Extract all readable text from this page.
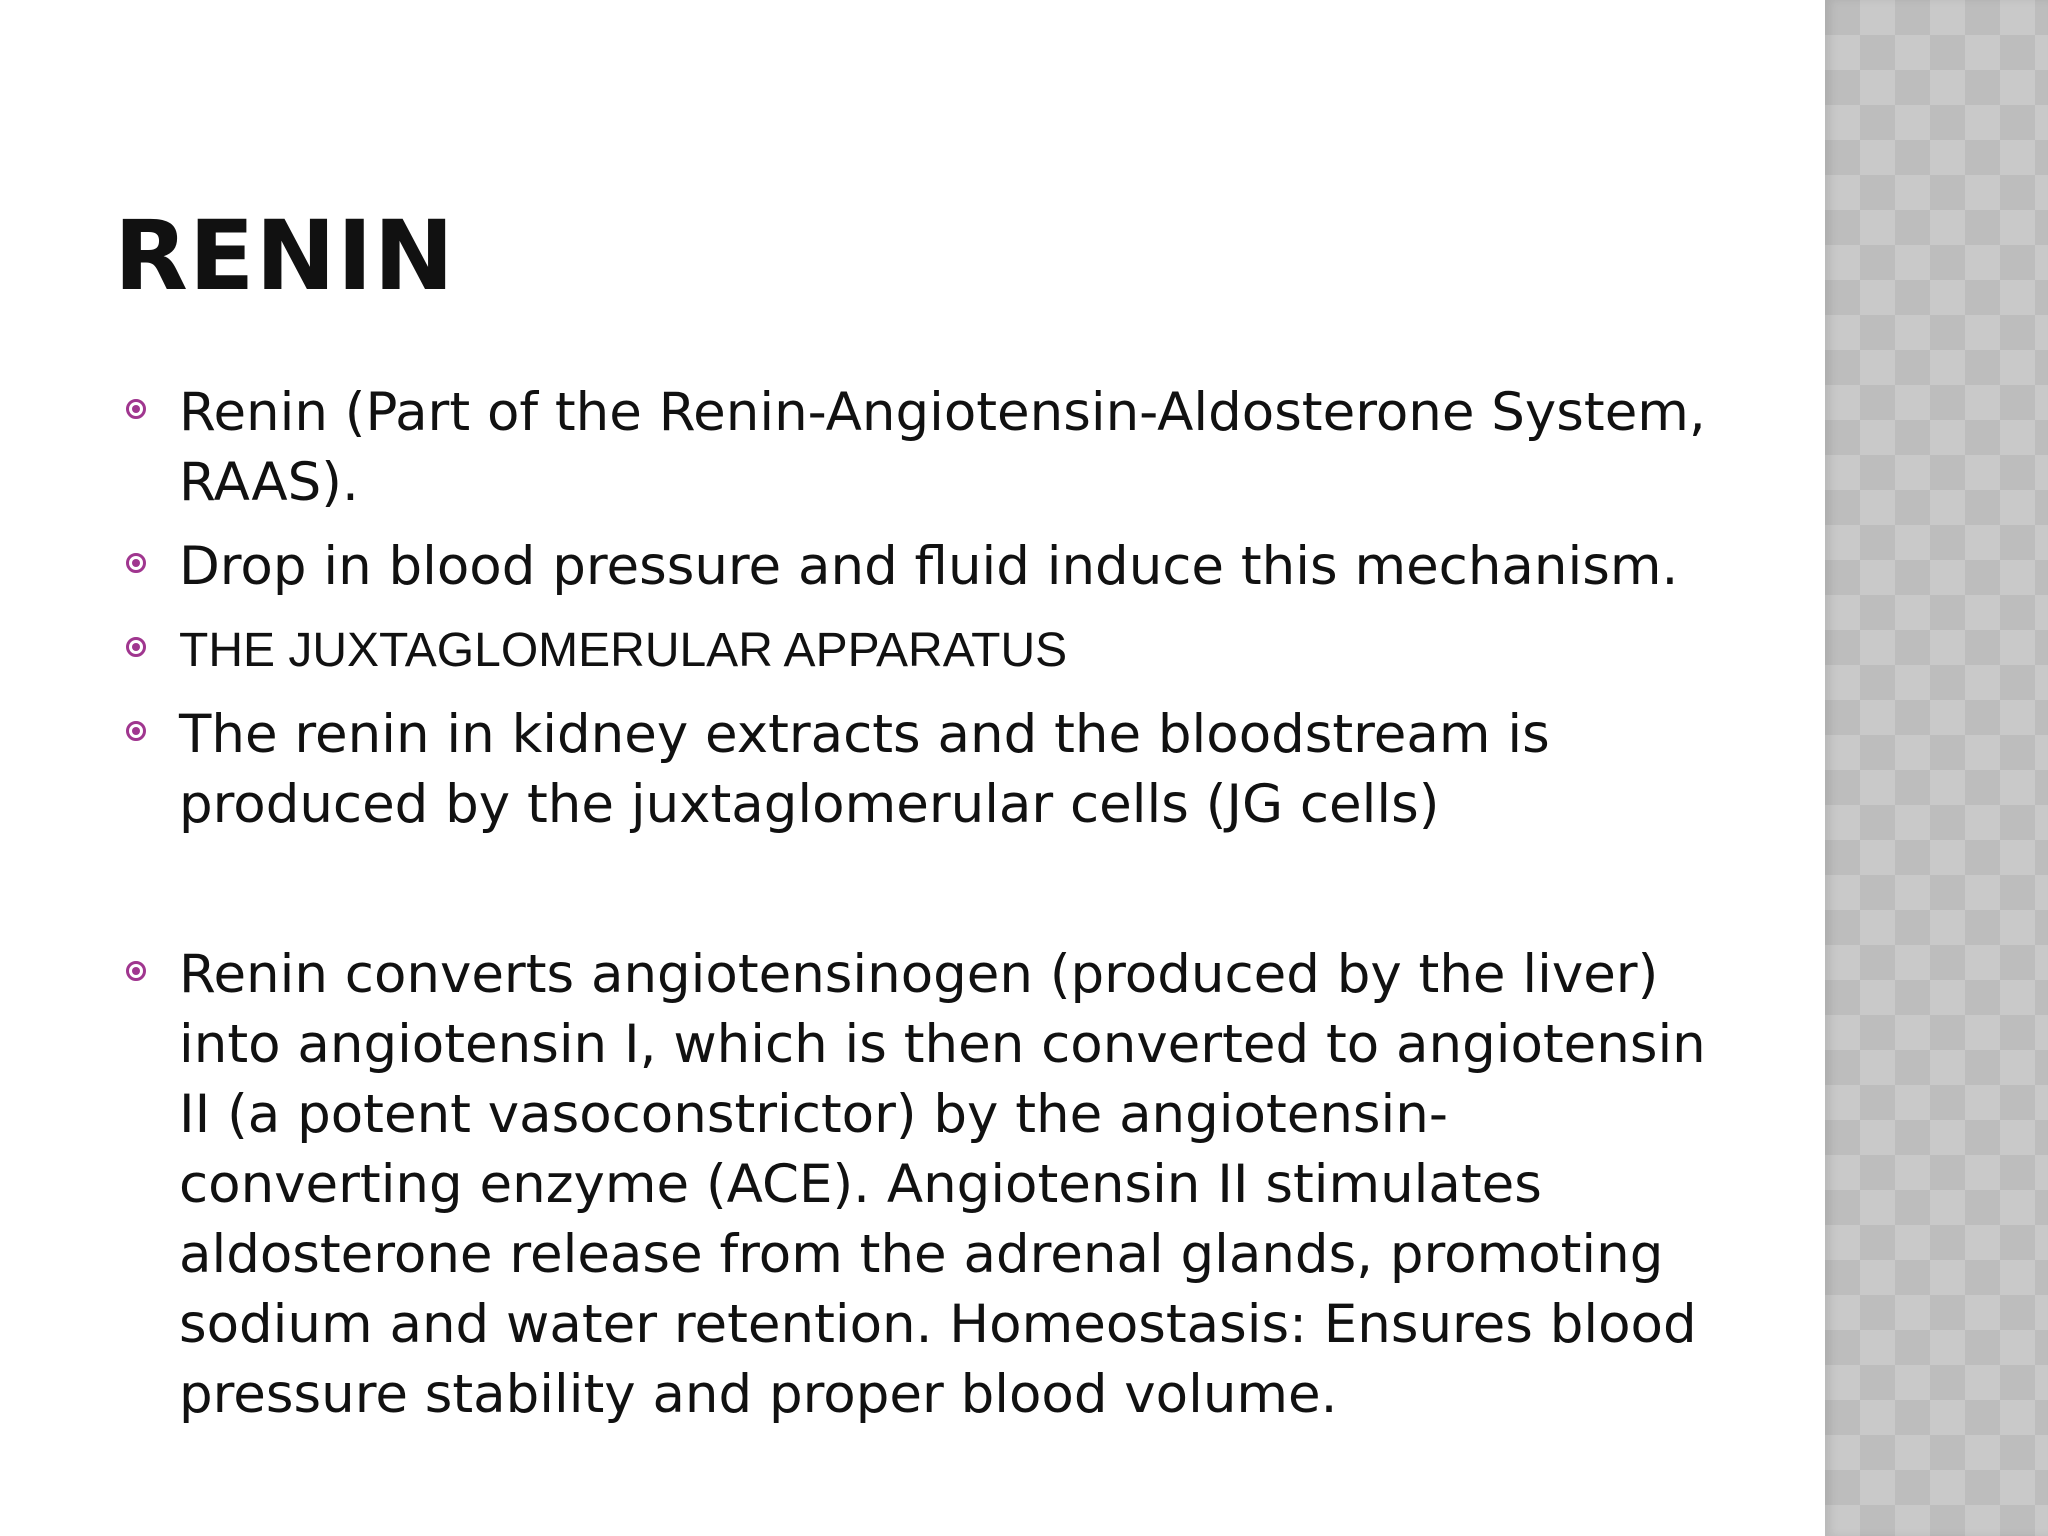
RENIN
Renin (Part of the Renin-Angiotensin-Aldosterone System, RAAS).
Drop in blood pressure and fluid induce this mechanism.
THE JUXTAGLOMERULAR APPARATUS
The renin in kidney extracts and the bloodstream is produced by the juxtaglomerular cells (JG cells)
Renin converts angiotensinogen (produced by the liver) into angiotensin I, which is then converted to angiotensin II (a potent vasoconstrictor) by the angiotensin-converting enzyme (ACE). Angiotensin II stimulates aldosterone release from the adrenal glands, promoting sodium and water retention. Homeostasis: Ensures blood pressure stability and proper blood volume.
